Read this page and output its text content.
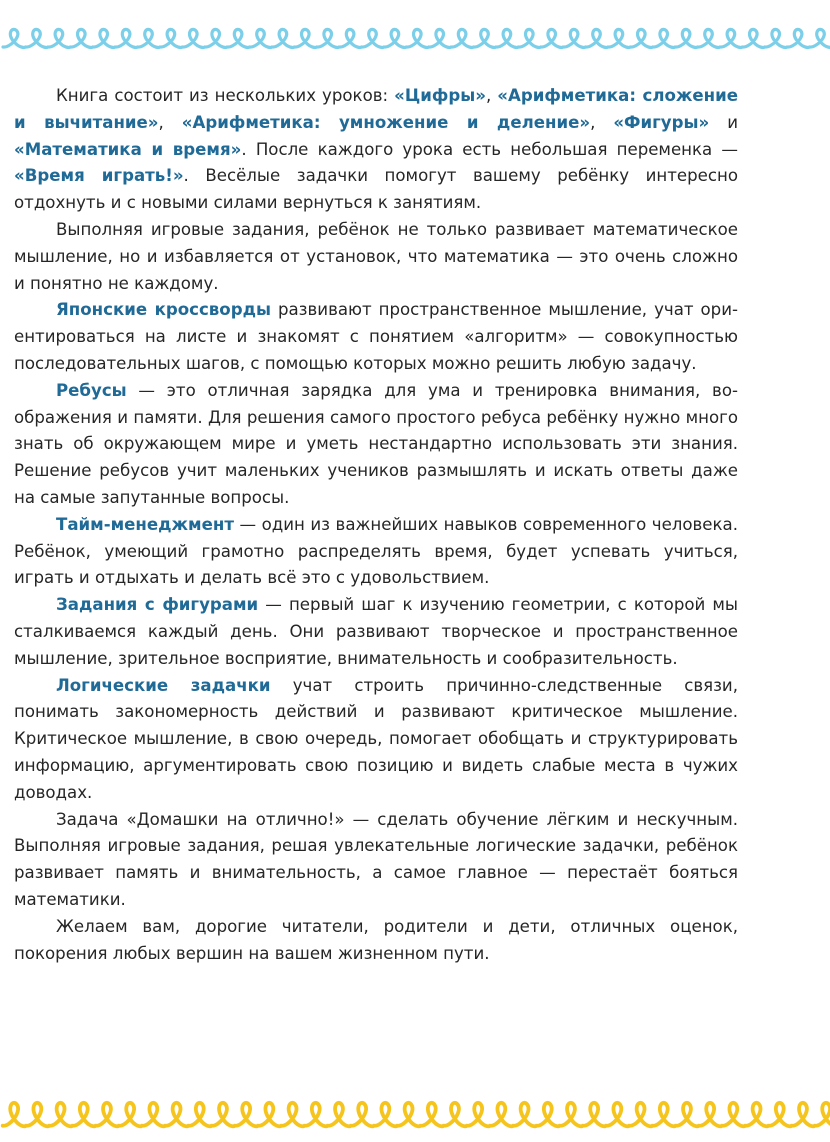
Книга состоит из нескольких уроков: «Цифры», «Арифметика: сложение и вычитание», «Арифметика: умножение и деление», «Фигуры» и «Математика и время». После каждого урока есть небольшая переменка — «Время играть!». Весёлые задачки помогут вашему ребёнку интересно отдохнуть и с новыми силами вернуться к занятиям.

Выполняя игровые задания, ребёнок не только развивает математическое мышление, но и избавляется от установок, что математика — это очень сложно и понятно не каждому.

Японские кроссворды развивают пространственное мышление, учат ориентироваться на листе и знакомят с понятием «алгоритм» — совокупностью последовательных шагов, с помощью которых можно решить любую задачу.

Ребусы — это отличная зарядка для ума и тренировка внимания, воображения и памяти. Для решения самого простого ребуса ребёнку нужно много знать об окружающем мире и уметь нестандартно использовать эти знания. Решение ребусов учит маленьких учеников размышлять и искать ответы даже на самые запутанные вопросы.

Тайм-менеджмент — один из важнейших навыков современного человека. Ребёнок, умеющий грамотно распределять время, будет успевать учиться, играть и отдыхать и делать всё это с удовольствием.

Задания с фигурами — первый шаг к изучению геометрии, с которой мы сталкиваемся каждый день. Они развивают творческое и пространственное мышление, зрительное восприятие, внимательность и сообразительность.

Логические задачки учат строить причинно-следственные связи, понимать закономерность действий и развивают критическое мышление. Критическое мышление, в свою очередь, помогает обобщать и структурировать информацию, аргументировать свою позицию и видеть слабые места в чужих доводах.

Задача «Домашки на отлично!» — сделать обучение лёгким и нескучным. Выполняя игровые задания, решая увлекательные логические задачки, ребёнок развивает память и внимательность, а самое главное — перестаёт бояться математики.

Желаем вам, дорогие читатели, родители и дети, отличных оценок, покорения любых вершин на вашем жизненном пути.
